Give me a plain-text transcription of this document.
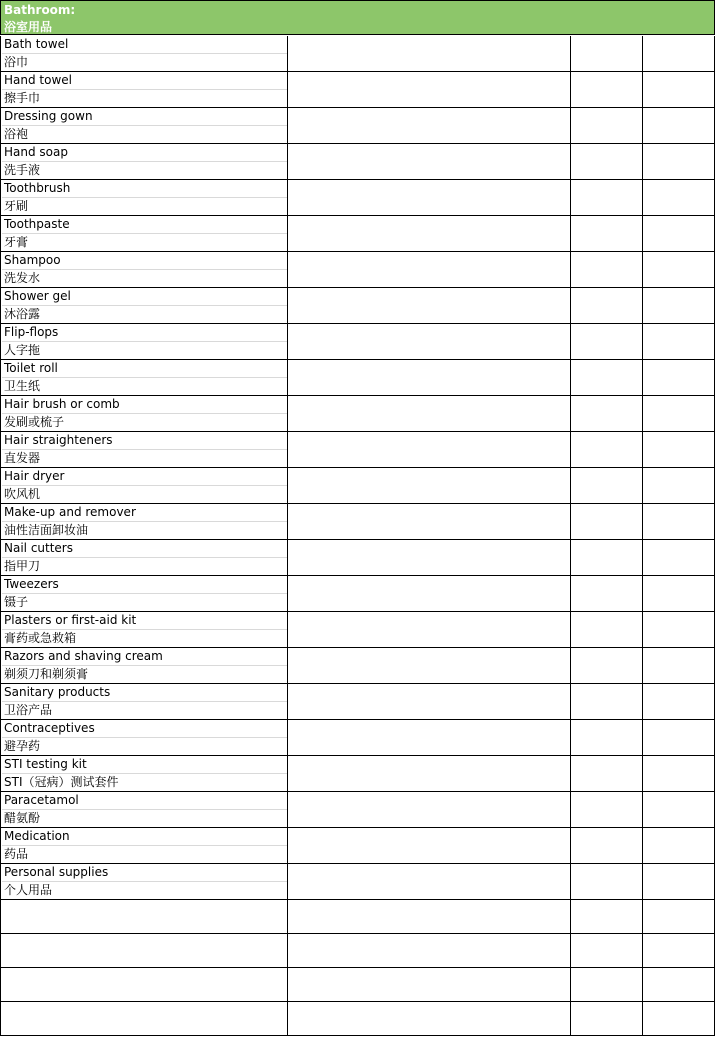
Bathroom:
浴室用品
Bath towel
浴巾
Hand towel
擦手巾
Dressing gown
浴袍
Hand soap
洗手液
Toothbrush
牙刷
Toothpaste
牙膏
Shampoo
洗发水
Shower gel
沐浴露
Flip-flops
人字拖
Toilet roll
卫生纸
Hair brush or comb
发刷或梳子
Hair straighteners
直发器
Hair dryer
吹风机
Make-up and remover
油性洁面卸妆油
Nail cutters
指甲刀
Tweezers
镊子
Plasters or first-aid kit
膏药或急救箱
Razors and shaving cream
剃须刀和剃须膏
Sanitary products
卫浴产品
Contraceptives
避孕药
STI testing kit
STI（冠病）测试套件
Paracetamol
醋氨酚
Medication
药品
Personal supplies
个人用品
